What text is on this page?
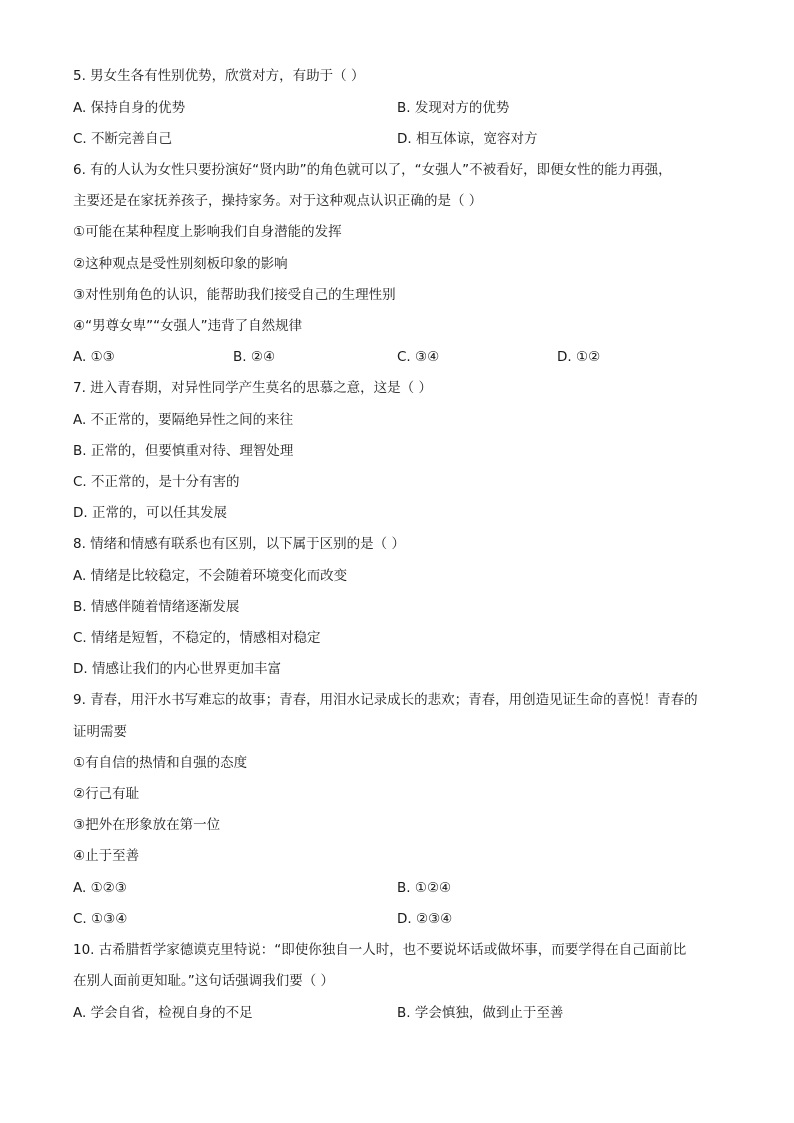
5. 男女生各有性别优势，欣赏对方，有助于（ ）
A. 保持自身的优势	B. 发现对方的优势
C. 不断完善自己	D. 相互体谅，宽容对方
6. 有的人认为女性只要扮演好“贤内助”的角色就可以了，“女强人”不被看好，即便女性的能力再强，
主要还是在家抚养孩子，操持家务。对于这种观点认识正确的是（ ）
①可能在某种程度上影响我们自身潜能的发挥
②这种观点是受性别刻板印象的影响
③对性别角色的认识，能帮助我们接受自己的生理性别
④“男尊女卑”“女强人”违背了自然规律
A. ①③	B. ②④	C. ③④	D. ①②
7. 进入青春期，对异性同学产生莫名的思慕之意，这是（ ）
A. 不正常的，要隔绝异性之间的来往
B. 正常的，但要慎重对待、理智处理
C. 不正常的，是十分有害的
D. 正常的，可以任其发展
8. 情绪和情感有联系也有区别，以下属于区别的是（ ）
A. 情绪是比较稳定，不会随着环境变化而改变
B. 情感伴随着情绪逐渐发展
C. 情绪是短暂，不稳定的，情感相对稳定
D. 情感让我们的内心世界更加丰富
9. 青春，用汗水书写难忘的故事；青春，用泪水记录成长的悲欢；青春，用创造见证生命的喜悦！青春的
证明需要
①有自信的热情和自强的态度
②行己有耻
③把外在形象放在第一位
④止于至善
A. ①②③	B. ①②④
C. ①③④	D. ②③④
10. 古希腊哲学家德谟克里特说：“即使你独自一人时，也不要说坏话或做坏事，而要学得在自己面前比
在别人面前更知耻。”这句话强调我们要（ ）
A. 学会自省，检视自身的不足	B. 学会慎独，做到止于至善
